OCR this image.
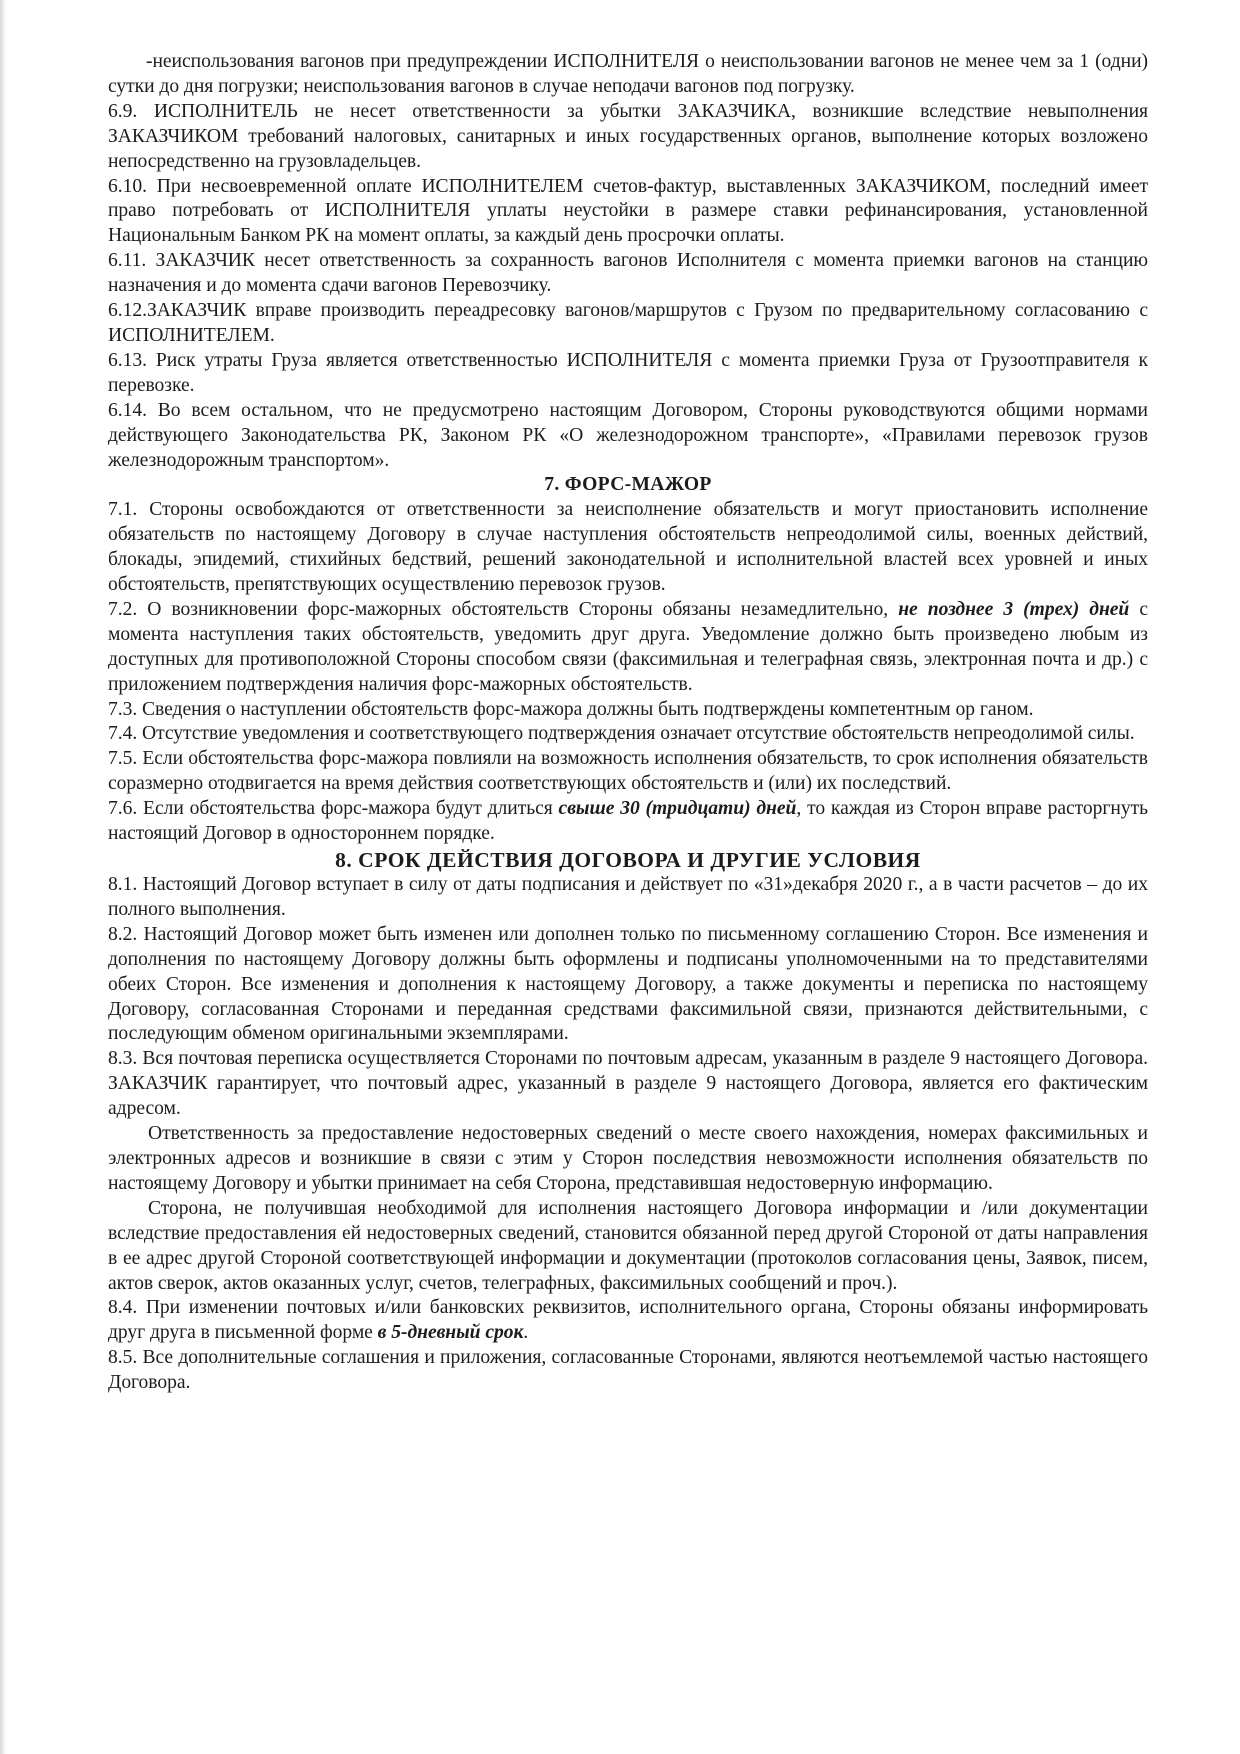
-неиспользования вагонов при предупреждении ИСПОЛНИТЕЛЯ о неиспользовании вагонов не менее чем за 1 (одни) сутки до дня погрузки; неиспользования вагонов в случае неподачи вагонов под погрузку.

6.9. ИСПОЛНИТЕЛЬ не несет ответственности за убытки ЗАКАЗЧИКА, возникшие вследствие невыполнения ЗАКАЗЧИКОМ требований налоговых, санитарных и иных государственных органов, выполнение которых возложено непосредственно на грузовладельцев.

6.10. При несвоевременной оплате ИСПОЛНИТЕЛЕМ счетов-фактур, выставленных ЗАКАЗЧИКОМ, последний имеет право потребовать от ИСПОЛНИТЕЛЯ уплаты неустойки в размере ставки рефинансирования, установленной Национальным Банком РК на момент оплаты, за каждый день просрочки оплаты.

6.11. ЗАКАЗЧИК несет ответственность за сохранность вагонов Исполнителя с момента приемки вагонов на станцию назначения и до момента сдачи вагонов Перевозчику.

6.12.ЗАКАЗЧИК вправе производить переадресовку вагонов/маршрутов с Грузом по предварительному согласованию с ИСПОЛНИТЕЛЕМ.

6.13. Риск утраты Груза является ответственностью ИСПОЛНИТЕЛЯ с момента приемки Груза от Грузоотправителя к перевозке.

6.14. Во всем остальном, что не предусмотрено настоящим Договором, Стороны руководствуются общими нормами действующего Законодательства РК, Законом РК «О железнодорожном транспорте», «Правилами перевозок грузов железнодорожным транспортом».

7. ФОРС-МАЖОР

7.1. Стороны освобождаются от ответственности за неисполнение обязательств и могут приостановить исполнение обязательств по настоящему Договору в случае наступления обстоятельств непреодолимой силы, военных действий, блокады, эпидемий, стихийных бедствий, решений законодательной и исполнительной властей всех уровней и иных обстоятельств, препятствующих осуществлению перевозок грузов.

7.2. О возникновении форс-мажорных обстоятельств Стороны обязаны незамедлительно, не позднее 3 (трех) дней с момента наступления таких обстоятельств, уведомить друг друга. Уведомление должно быть произведено любым из доступных для противоположной Стороны способом связи (факсимильная и телеграфная связь, электронная почта и др.) с приложением подтверждения наличия форс-мажорных обстоятельств.

7.3. Сведения о наступлении обстоятельств форс-мажора должны быть подтверждены компетентным ор ганом.

7.4. Отсутствие уведомления и соответствующего подтверждения означает отсутствие обстоятельств непреодолимой силы.

7.5. Если обстоятельства форс-мажора повлияли на возможность исполнения обязательств, то срок исполнения обязательств соразмерно отодвигается на время действия соответствующих обстоятельств и (или) их последствий.

7.6. Если обстоятельства форс-мажора будут длиться свыше 30 (тридцати) дней, то каждая из Сторон вправе расторгнуть настоящий Договор в одностороннем порядке.

8. СРОК ДЕЙСТВИЯ ДОГОВОРА И ДРУГИЕ УСЛОВИЯ

8.1. Настоящий Договор вступает в силу от даты подписания и действует по «31»декабря 2020 г., а в части расчетов – до их полного выполнения.

8.2. Настоящий Договор может быть изменен или дополнен только по письменному соглашению Сторон. Все изменения и дополнения по настоящему Договору должны быть оформлены и подписаны уполномоченными на то представителями обеих Сторон. Все изменения и дополнения к настоящему Договору, а также документы и переписка по настоящему Договору, согласованная Сторонами и переданная средствами факсимильной связи, признаются действительными, с последующим обменом оригинальными экземплярами.

8.3. Вся почтовая переписка осуществляется Сторонами по почтовым адресам, указанным в разделе 9 настоящего Договора. ЗАКАЗЧИК гарантирует, что почтовый адрес, указанный в разделе 9 настоящего Договора, является его фактическим адресом.

Ответственность за предоставление недостоверных сведений о месте своего нахождения, номерах факсимильных и электронных адресов и возникшие в связи с этим у Сторон последствия невозможности исполнения обязательств по настоящему Договору и убытки принимает на себя Сторона, представившая недостоверную информацию.

Сторона, не получившая необходимой для исполнения настоящего Договора информации и /или документации вследствие предоставления ей недостоверных сведений, становится обязанной перед другой Стороной от даты направления в ее адрес другой Стороной соответствующей информации и документации (протоколов согласования цены, Заявок, писем, актов сверок, актов оказанных услуг, счетов, телеграфных, факсимильных сообщений и проч.).

8.4. При изменении почтовых и/или банковских реквизитов, исполнительного органа, Стороны обязаны информировать друг друга в письменной форме в 5-дневный срок.

8.5. Все дополнительные соглашения и приложения, согласованные Сторонами, являются неотъемлемой частью настоящего Договора.
